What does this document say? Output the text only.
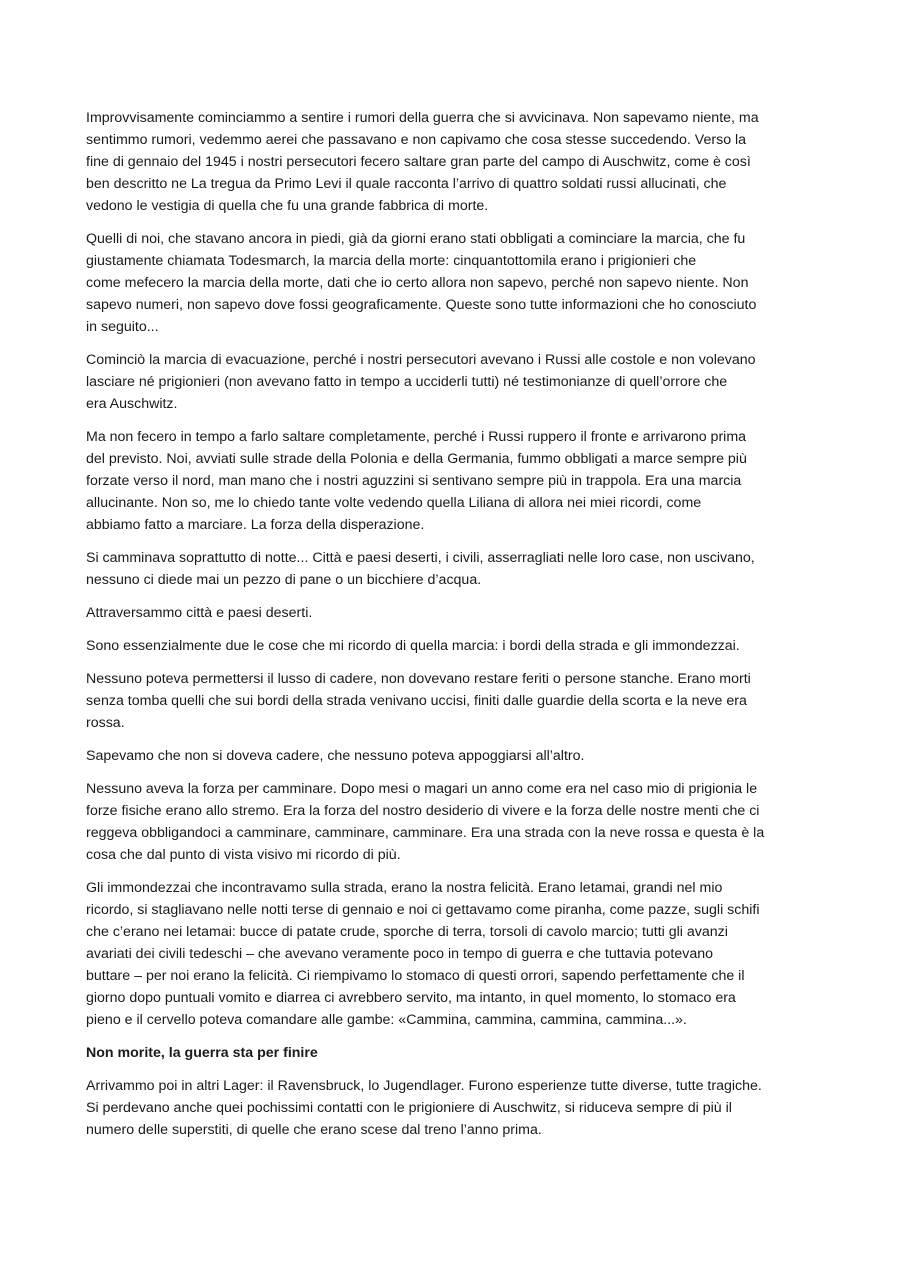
Improvvisamente cominciammo a sentire i rumori della guerra che si avvicinava. Non sapevamo niente, ma
sentimmo rumori, vedemmo aerei che passavano e non capivamo che cosa stesse succedendo. Verso la
fine di gennaio del 1945 i nostri persecutori fecero saltare gran parte del campo di Auschwitz, come è così
ben descritto ne La tregua da Primo Levi il quale racconta l’arrivo di quattro soldati russi allucinati, che
vedono le vestigia di quella che fu una grande fabbrica di morte.

Quelli di noi, che stavano ancora in piedi, già da giorni erano stati obbligati a cominciare la marcia, che fu
giustamente chiamata Todesmarch, la marcia della morte: cinquantottomila erano i prigionieri che
come mefecero la marcia della morte, dati che io certo allora non sapevo, perché non sapevo niente. Non
sapevo numeri, non sapevo dove fossi geograficamente. Queste sono tutte informazioni che ho conosciuto
in seguito...

Cominciò la marcia di evacuazione, perché i nostri persecutori avevano i Russi alle costole e non volevano
lasciare né prigionieri (non avevano fatto in tempo a ucciderli tutti) né testimonianze di quell’orrore che
era Auschwitz.

Ma non fecero in tempo a farlo saltare completamente, perché i Russi ruppero il fronte e arrivarono prima
del previsto. Noi, avviati sulle strade della Polonia e della Germania, fummo obbligati a marce sempre più
forzate verso il nord, man mano che i nostri aguzzini si sentivano sempre più in trappola. Era una marcia
allucinante. Non so, me lo chiedo tante volte vedendo quella Liliana di allora nei miei ricordi, come
abbiamo fatto a marciare. La forza della disperazione.

Si camminava soprattutto di notte... Città e paesi deserti, i civili, asserragliati nelle loro case, non uscivano,
nessuno ci diede mai un pezzo di pane o un bicchiere d’acqua.

Attraversammo città e paesi deserti.

Sono essenzialmente due le cose che mi ricordo di quella marcia: i bordi della strada e gli immondezzai.

Nessuno poteva permettersi il lusso di cadere, non dovevano restare feriti o persone stanche. Erano morti
senza tomba quelli che sui bordi della strada venivano uccisi, finiti dalle guardie della scorta e la neve era
rossa.

Sapevamo che non si doveva cadere, che nessuno poteva appoggiarsi all’altro.

Nessuno aveva la forza per camminare. Dopo mesi o magari un anno come era nel caso mio di prigionia le
forze fisiche erano allo stremo. Era la forza del nostro desiderio di vivere e la forza delle nostre menti che ci
reggeva obbligandoci a camminare, camminare, camminare. Era una strada con la neve rossa e questa è la
cosa che dal punto di vista visivo mi ricordo di più.

Gli immondezzai che incontravamo sulla strada, erano la nostra felicità. Erano letamai, grandi nel mio
ricordo, si stagliavano nelle notti terse di gennaio e noi ci gettavamo come piranha, come pazze, sugli schifi
che c’erano nei letamai: bucce di patate crude, sporche di terra, torsoli di cavolo marcio; tutti gli avanzi
avariati dei civili tedeschi – che avevano veramente poco in tempo di guerra e che tuttavia potevano
buttare – per noi erano la felicità. Ci riempivamo lo stomaco di questi orrori, sapendo perfettamente che il
giorno dopo puntuali vomito e diarrea ci avrebbero servito, ma intanto, in quel momento, lo stomaco era
pieno e il cervello poteva comandare alle gambe: «Cammina, cammina, cammina, cammina...».

Non morite, la guerra sta per finire

Arrivammo poi in altri Lager: il Ravensbruck, lo Jugendlager. Furono esperienze tutte diverse, tutte tragiche.
Si perdevano anche quei pochissimi contatti con le prigioniere di Auschwitz, si riduceva sempre di più il
numero delle superstiti, di quelle che erano scese dal treno l’anno prima.
